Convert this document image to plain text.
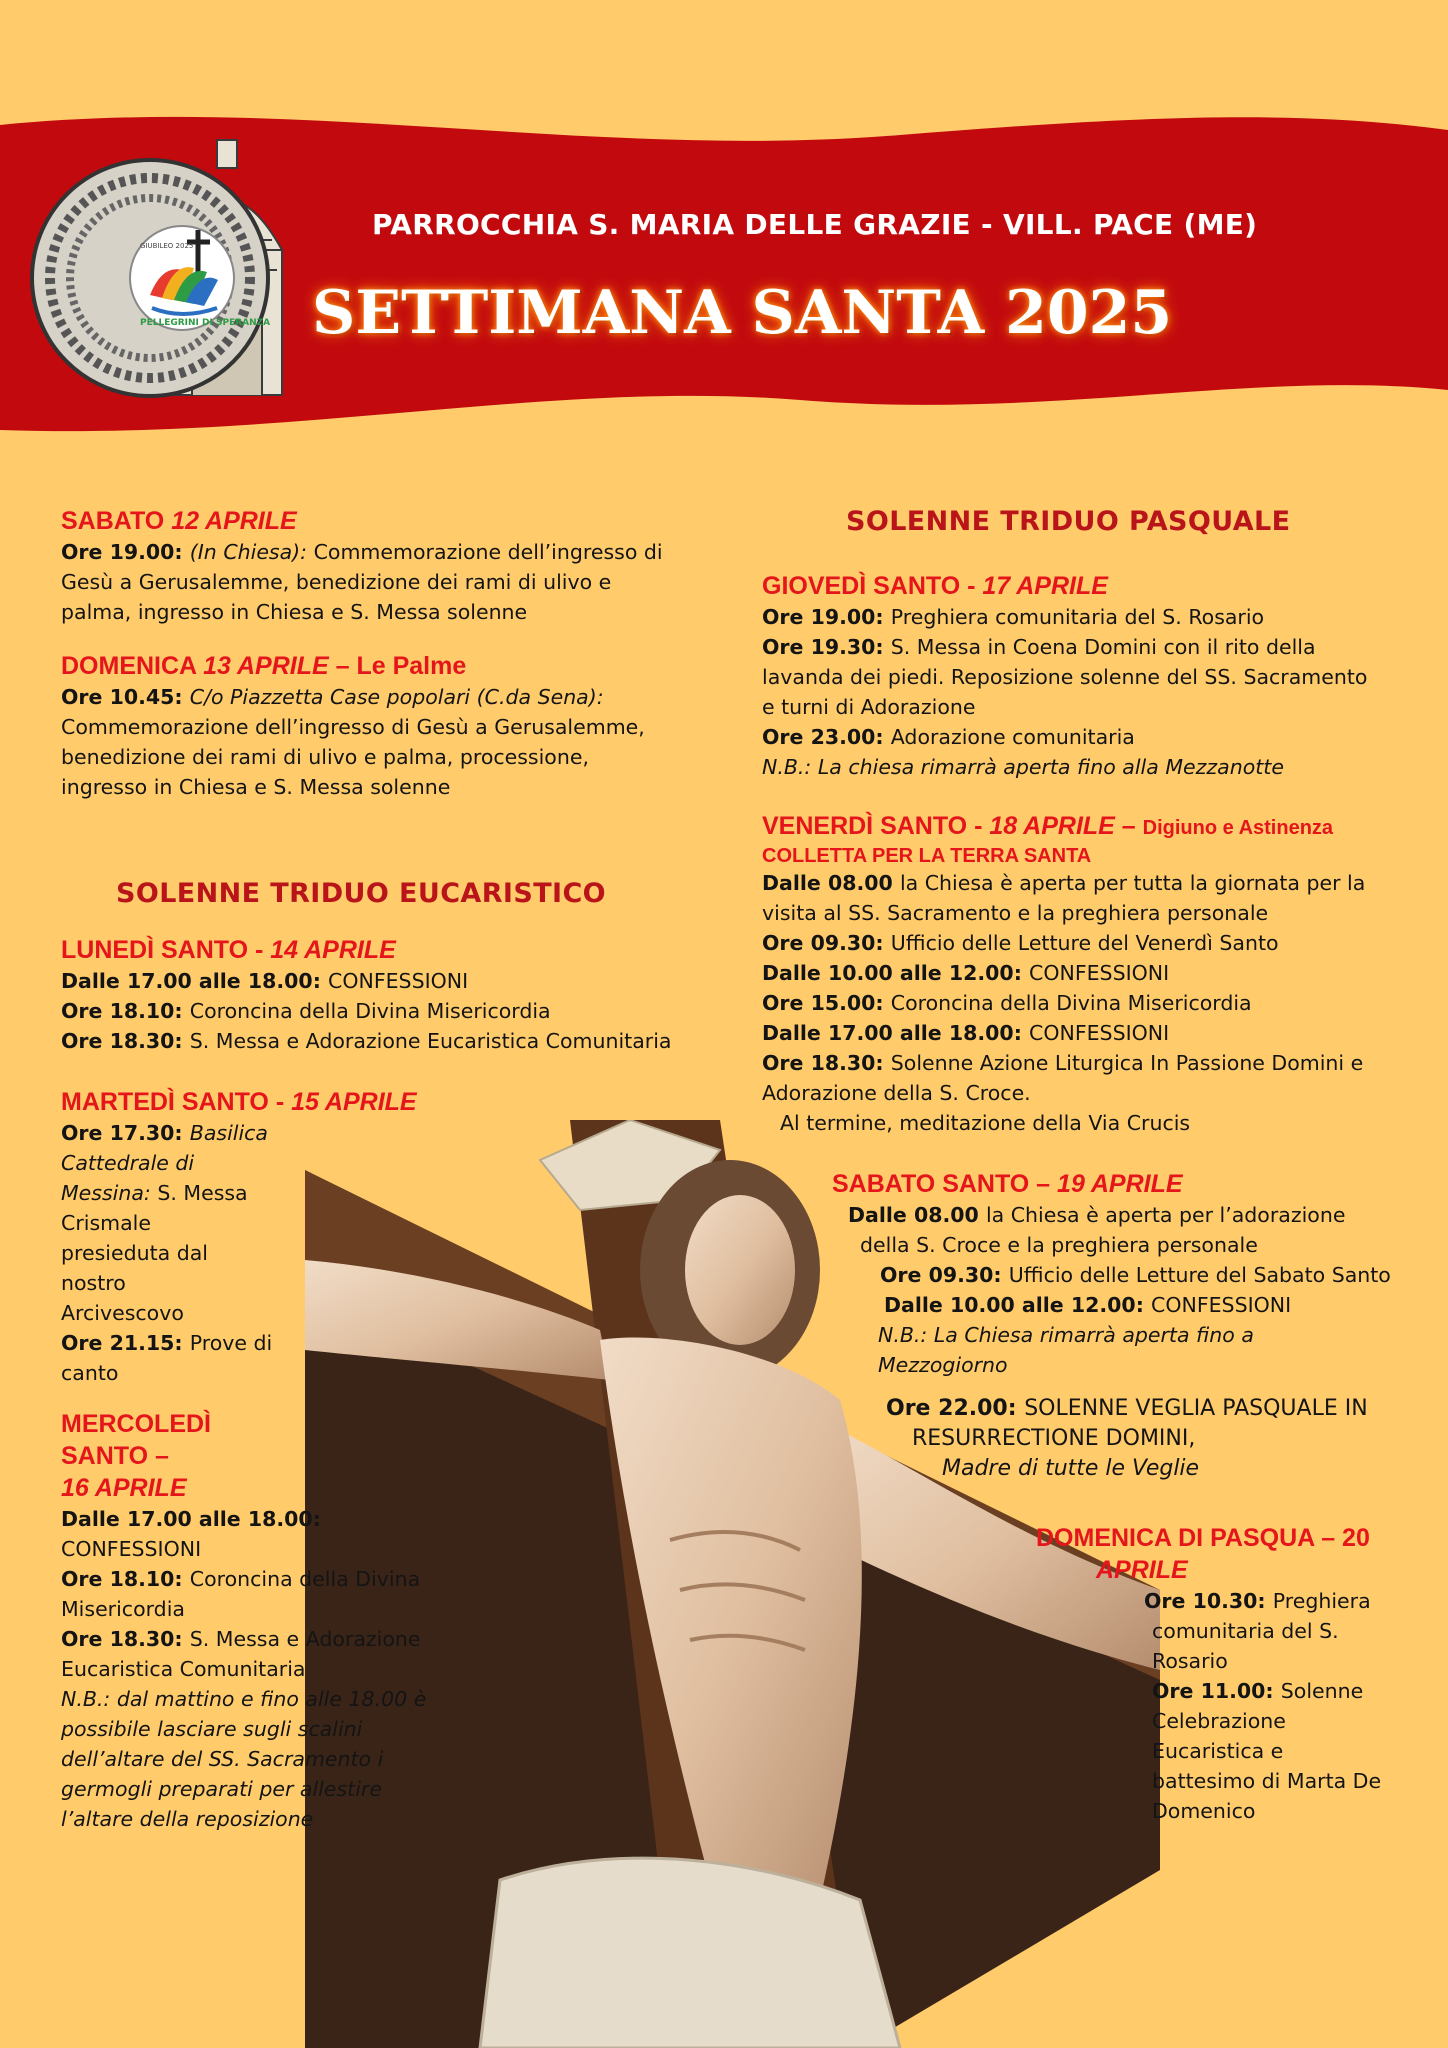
PELLEGRINI DI SPERANZA
GIUBILEO 2025
PARROCCHIA S. MARIA DELLE GRAZIE - VILL. PACE (ME)
SETTIMANA SANTA 2025

SABATO 12 APRILE

Ore 19.00: (In Chiesa): Commemorazione dell’ingresso di

Gesù a Gerusalemme, benedizione dei rami di ulivo e

palma, ingresso in Chiesa e S. Messa solenne

DOMENICA 13 APRILE – Le Palme

Ore 10.45: C/o Piazzetta Case popolari (C.da Sena):

Commemorazione dell’ingresso di Gesù a Gerusalemme,

benedizione dei rami di ulivo e palma, processione,

ingresso in Chiesa e S. Messa solenne

SOLENNE TRIDUO EUCARISTICO

LUNEDÌ SANTO - 14 APRILE

Dalle 17.00 alle 18.00: CONFESSIONI

Ore 18.10: Coroncina della Divina Misericordia

Ore 18.30: S. Messa e Adorazione Eucaristica Comunitaria

MARTEDÌ SANTO - 15 APRILE

Ore 17.30: Basilica

Cattedrale di

Messina: S. Messa

Crismale

presieduta dal

nostro

Arcivescovo

Ore 21.15: Prove di

canto

MERCOLEDÌ

SANTO –

16 APRILE

Dalle 17.00 alle 18.00:

CONFESSIONI

Ore 18.10: Coroncina della Divina

Misericordia

Ore 18.30: S. Messa e Adorazione

Eucaristica Comunitaria

N.B.: dal mattino e fino alle 18.00 è

possibile lasciare sugli scalini

dell’altare del SS. Sacramento i

germogli preparati per allestire

l’altare della reposizione

SOLENNE TRIDUO PASQUALE

GIOVEDÌ SANTO - 17 APRILE

Ore 19.00: Preghiera comunitaria del S. Rosario

Ore 19.30: S. Messa in Coena Domini con il rito della

lavanda dei piedi. Reposizione solenne del SS. Sacramento

e turni di Adorazione

Ore 23.00: Adorazione comunitaria

N.B.: La chiesa rimarrà aperta fino alla Mezzanotte

VENERDÌ SANTO - 18 APRILE – Digiuno e Astinenza

COLLETTA PER LA TERRA SANTA

Dalle 08.00 la Chiesa è aperta per tutta la giornata per la

visita al SS. Sacramento e la preghiera personale

Ore 09.30: Ufficio delle Letture del Venerdì Santo

Dalle 10.00 alle 12.00: CONFESSIONI

Ore 15.00: Coroncina della Divina Misericordia

Dalle 17.00 alle 18.00: CONFESSIONI

Ore 18.30: Solenne Azione Liturgica In Passione Domini e

Adorazione della S. Croce.

Al termine, meditazione della Via Crucis

SABATO SANTO – 19 APRILE

Dalle 08.00 la Chiesa è aperta per l’adorazione

della S. Croce e la preghiera personale

Ore 09.30: Ufficio delle Letture del Sabato Santo

Dalle 10.00 alle 12.00: CONFESSIONI

N.B.: La Chiesa rimarrà aperta fino a

Mezzogiorno

Ore 22.00: SOLENNE VEGLIA PASQUALE IN

RESURRECTIONE DOMINI,

Madre di tutte le Veglie

DOMENICA DI PASQUA – 20

APRILE

Ore 10.30: Preghiera

comunitaria del S.

Rosario

Ore 11.00: Solenne

Celebrazione

Eucaristica e

battesimo di Marta De

Domenico
